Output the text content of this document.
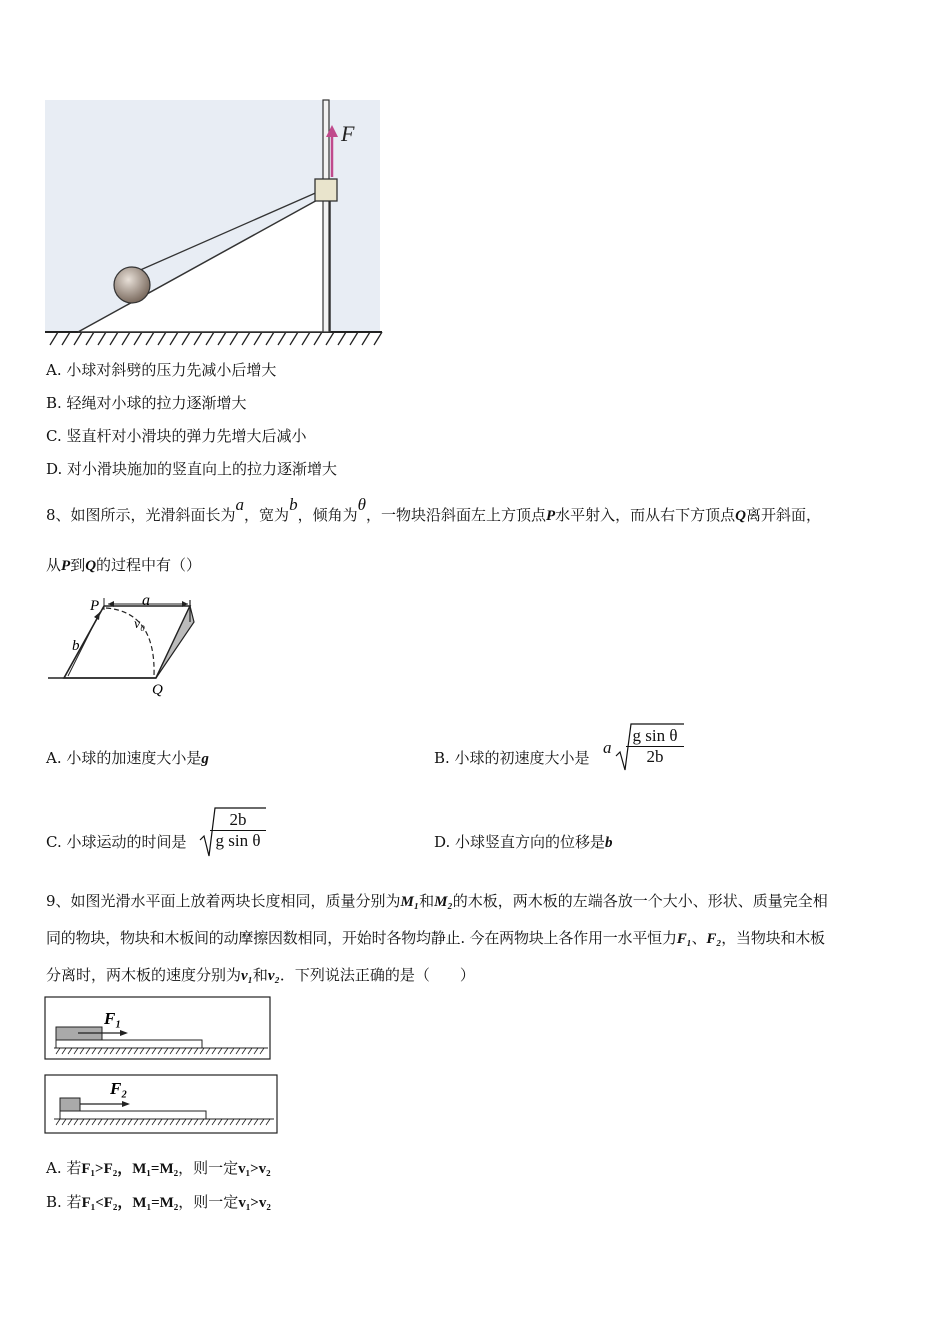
F
A. 小球对斜劈的压力先减小后增大
B. 轻绳对小球的拉力逐渐增大
C. 竖直杆对小滑块的弹力先增大后减小
D. 对小滑块施加的竖直向上的拉力逐渐增大
8、如图所示，光滑斜面长为a，宽为b，倾角为θ，一物块沿斜面左上方顶点P水平射入，而从右下方顶点Q离开斜面，
从P到Q的过程中有（）
P	a
v₀
b
Q
A. 小球的加速度大小是g	B. 小球的初速度大小是
a $\frac{\text{g sin θ}}{2b}$
C. 小球运动的时间是 $\frac{2b}{\text{g sin θ}}$	D. 小球竖直方向的位移是b
9、如图光滑水平面上放着两块长度相同，质量分别为M₁和M₂的木板，两木板的左端各放一个大小、形状、质量完全相
同的物块，物块和木板间的动摩擦因数相同，开始时各物均静止. 今在两物块上各作用一水平恒力F₁、F₂，当物块和木板
分离时，两木板的速度分别为v₁和v₂．下列说法正确的是（　　）
F₁
F₂
A. 若F₁>F₂，M₁=M₂，则一定v₁>v₂
B. 若F₁<F₂，M₁=M₂，则一定v₁>v₂
